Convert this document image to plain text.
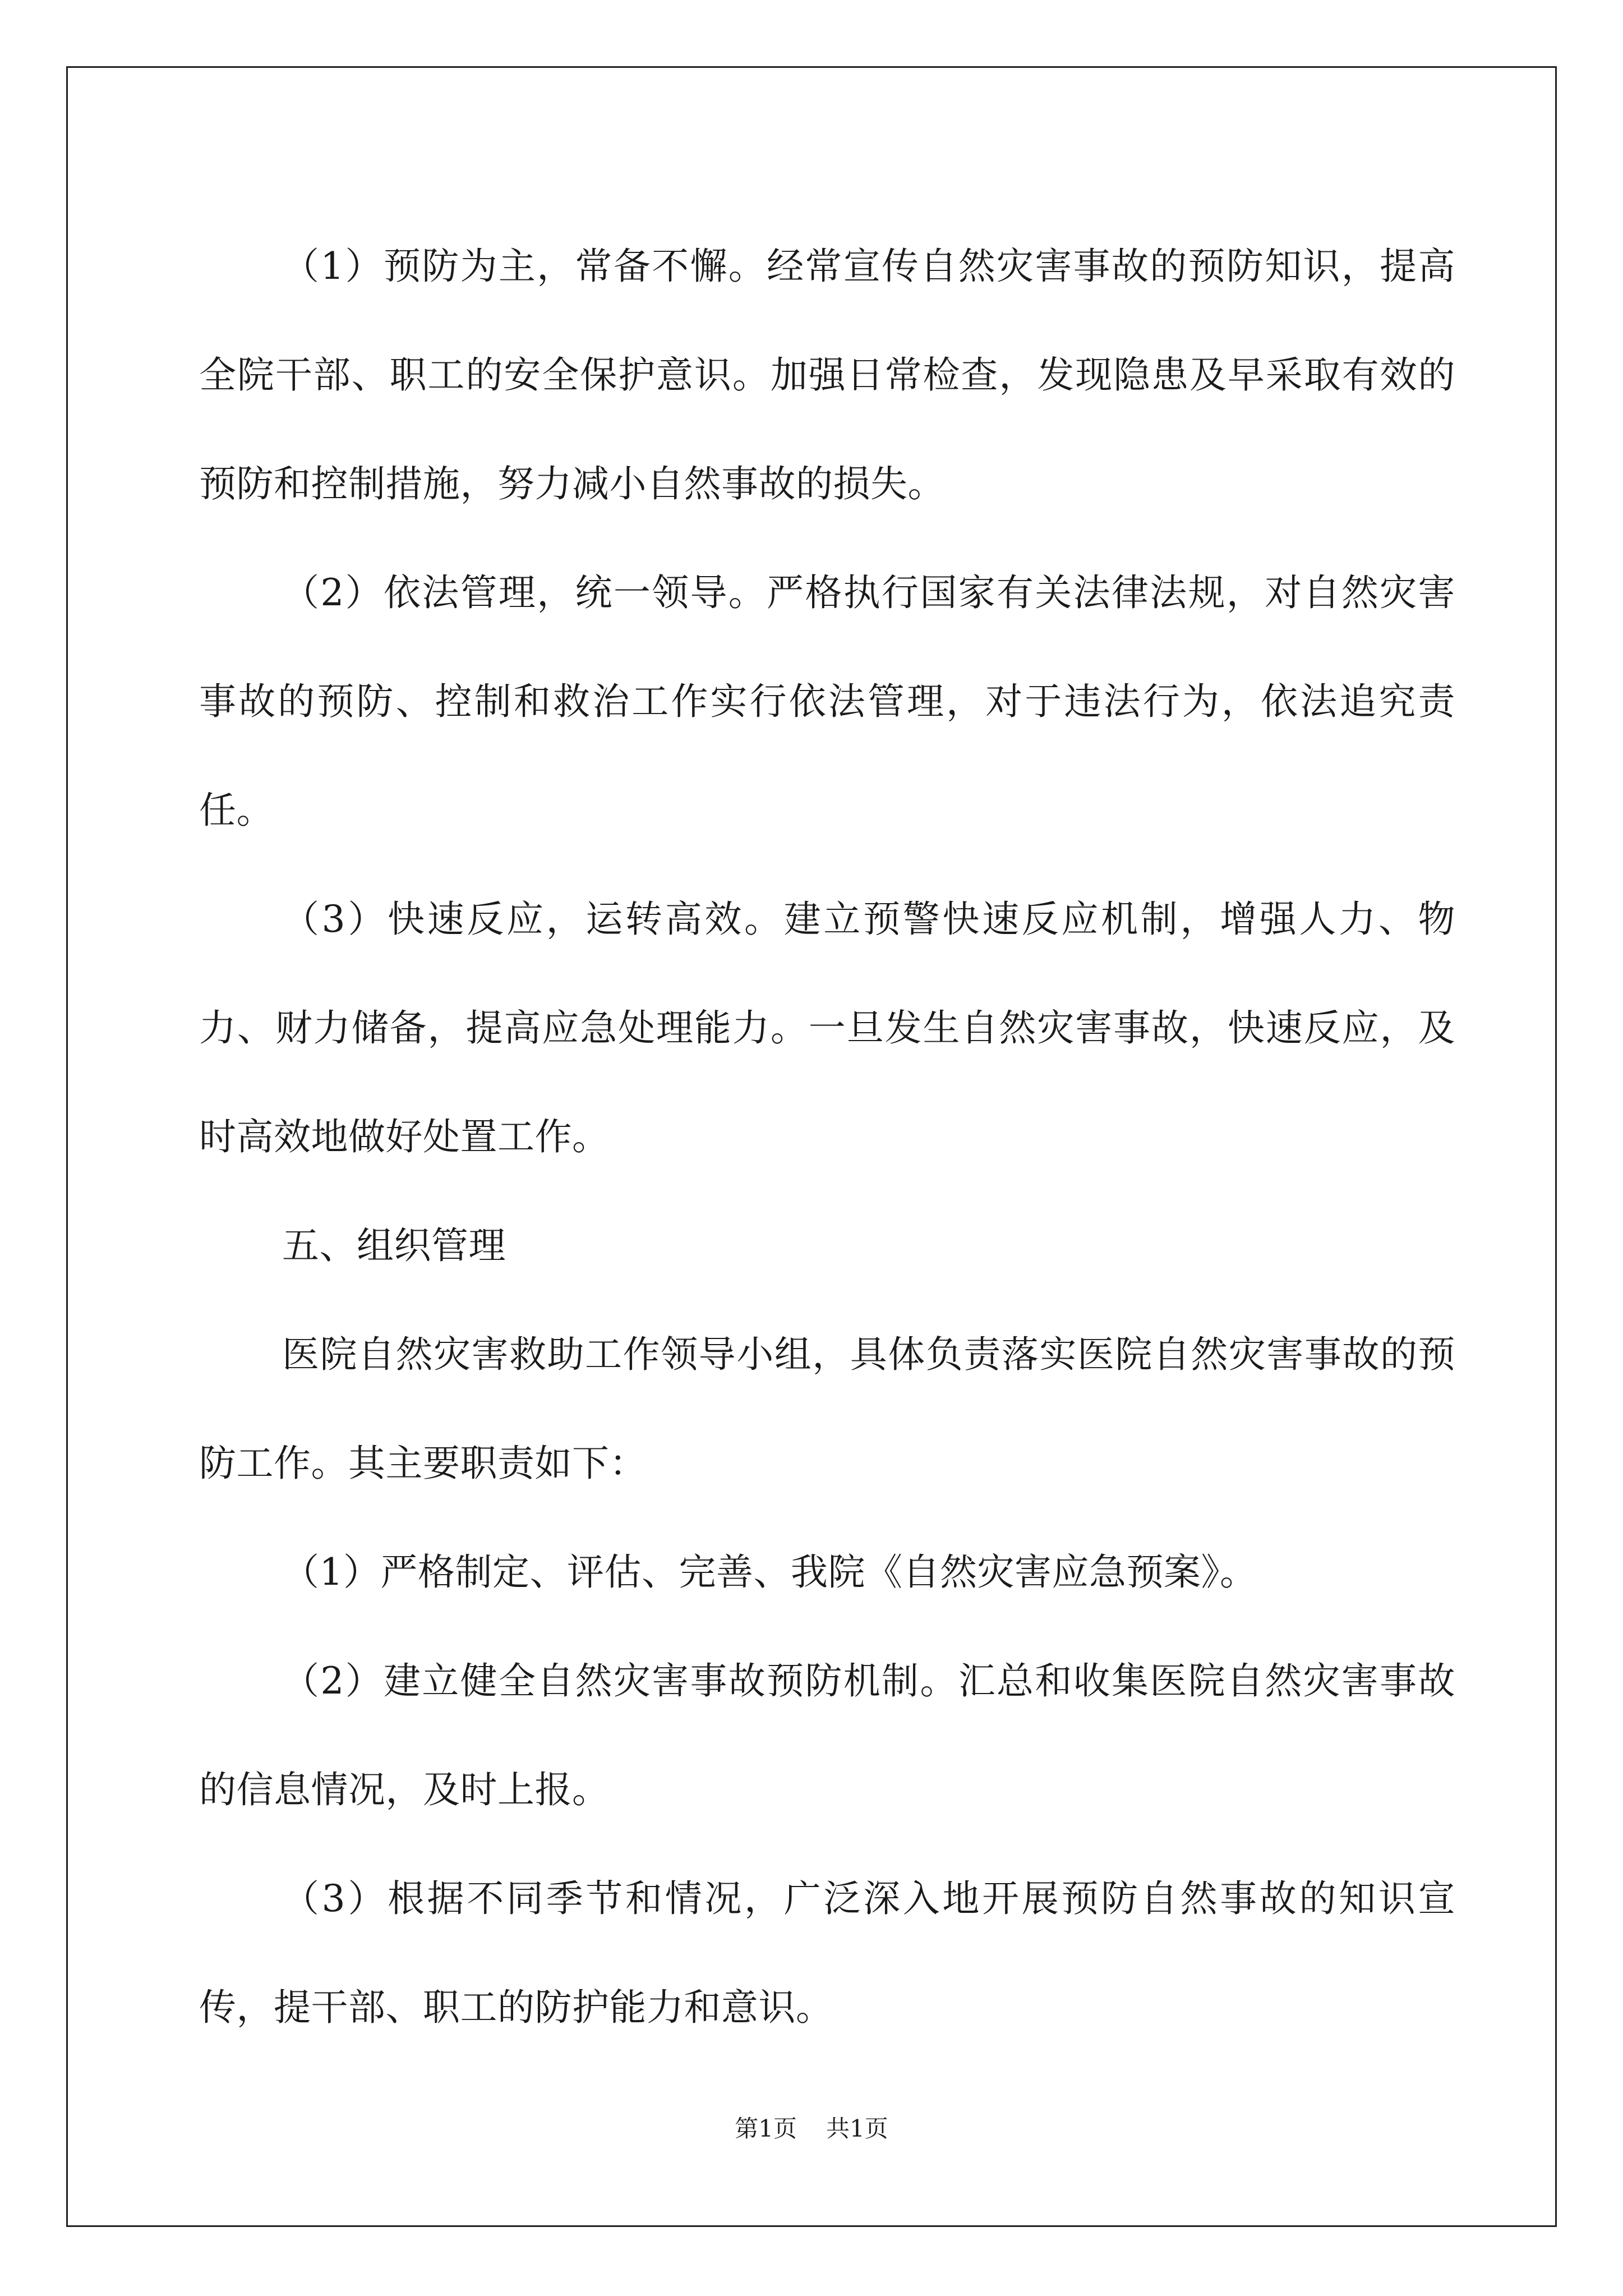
（1）预防为主，常备不懈。经常宣传自然灾害事故的预防知识，提高全院干部、职工的安全保护意识。加强日常检查，发现隐患及早采取有效的预防和控制措施，努力减小自然事故的损失。

（2）依法管理，统一领导。严格执行国家有关法律法规，对自然灾害事故的预防、控制和救治工作实行依法管理，对于违法行为，依法追究责任。

（3）快速反应，运转高效。建立预警快速反应机制，增强人力、物力、财力储备，提高应急处理能力。一旦发生自然灾害事故，快速反应，及时高效地做好处置工作。

五、组织管理

医院自然灾害救助工作领导小组，具体负责落实医院自然灾害事故的预防工作。其主要职责如下：

（1）严格制定、评估、完善、我院《自然灾害应急预案》。

（2）建立健全自然灾害事故预防机制。汇总和收集医院自然灾害事故的信息情况，及时上报。

（3）根据不同季节和情况，广泛深入地开展预防自然事故的知识宣传，提干部、职工的防护能力和意识。

第1页 共1页
